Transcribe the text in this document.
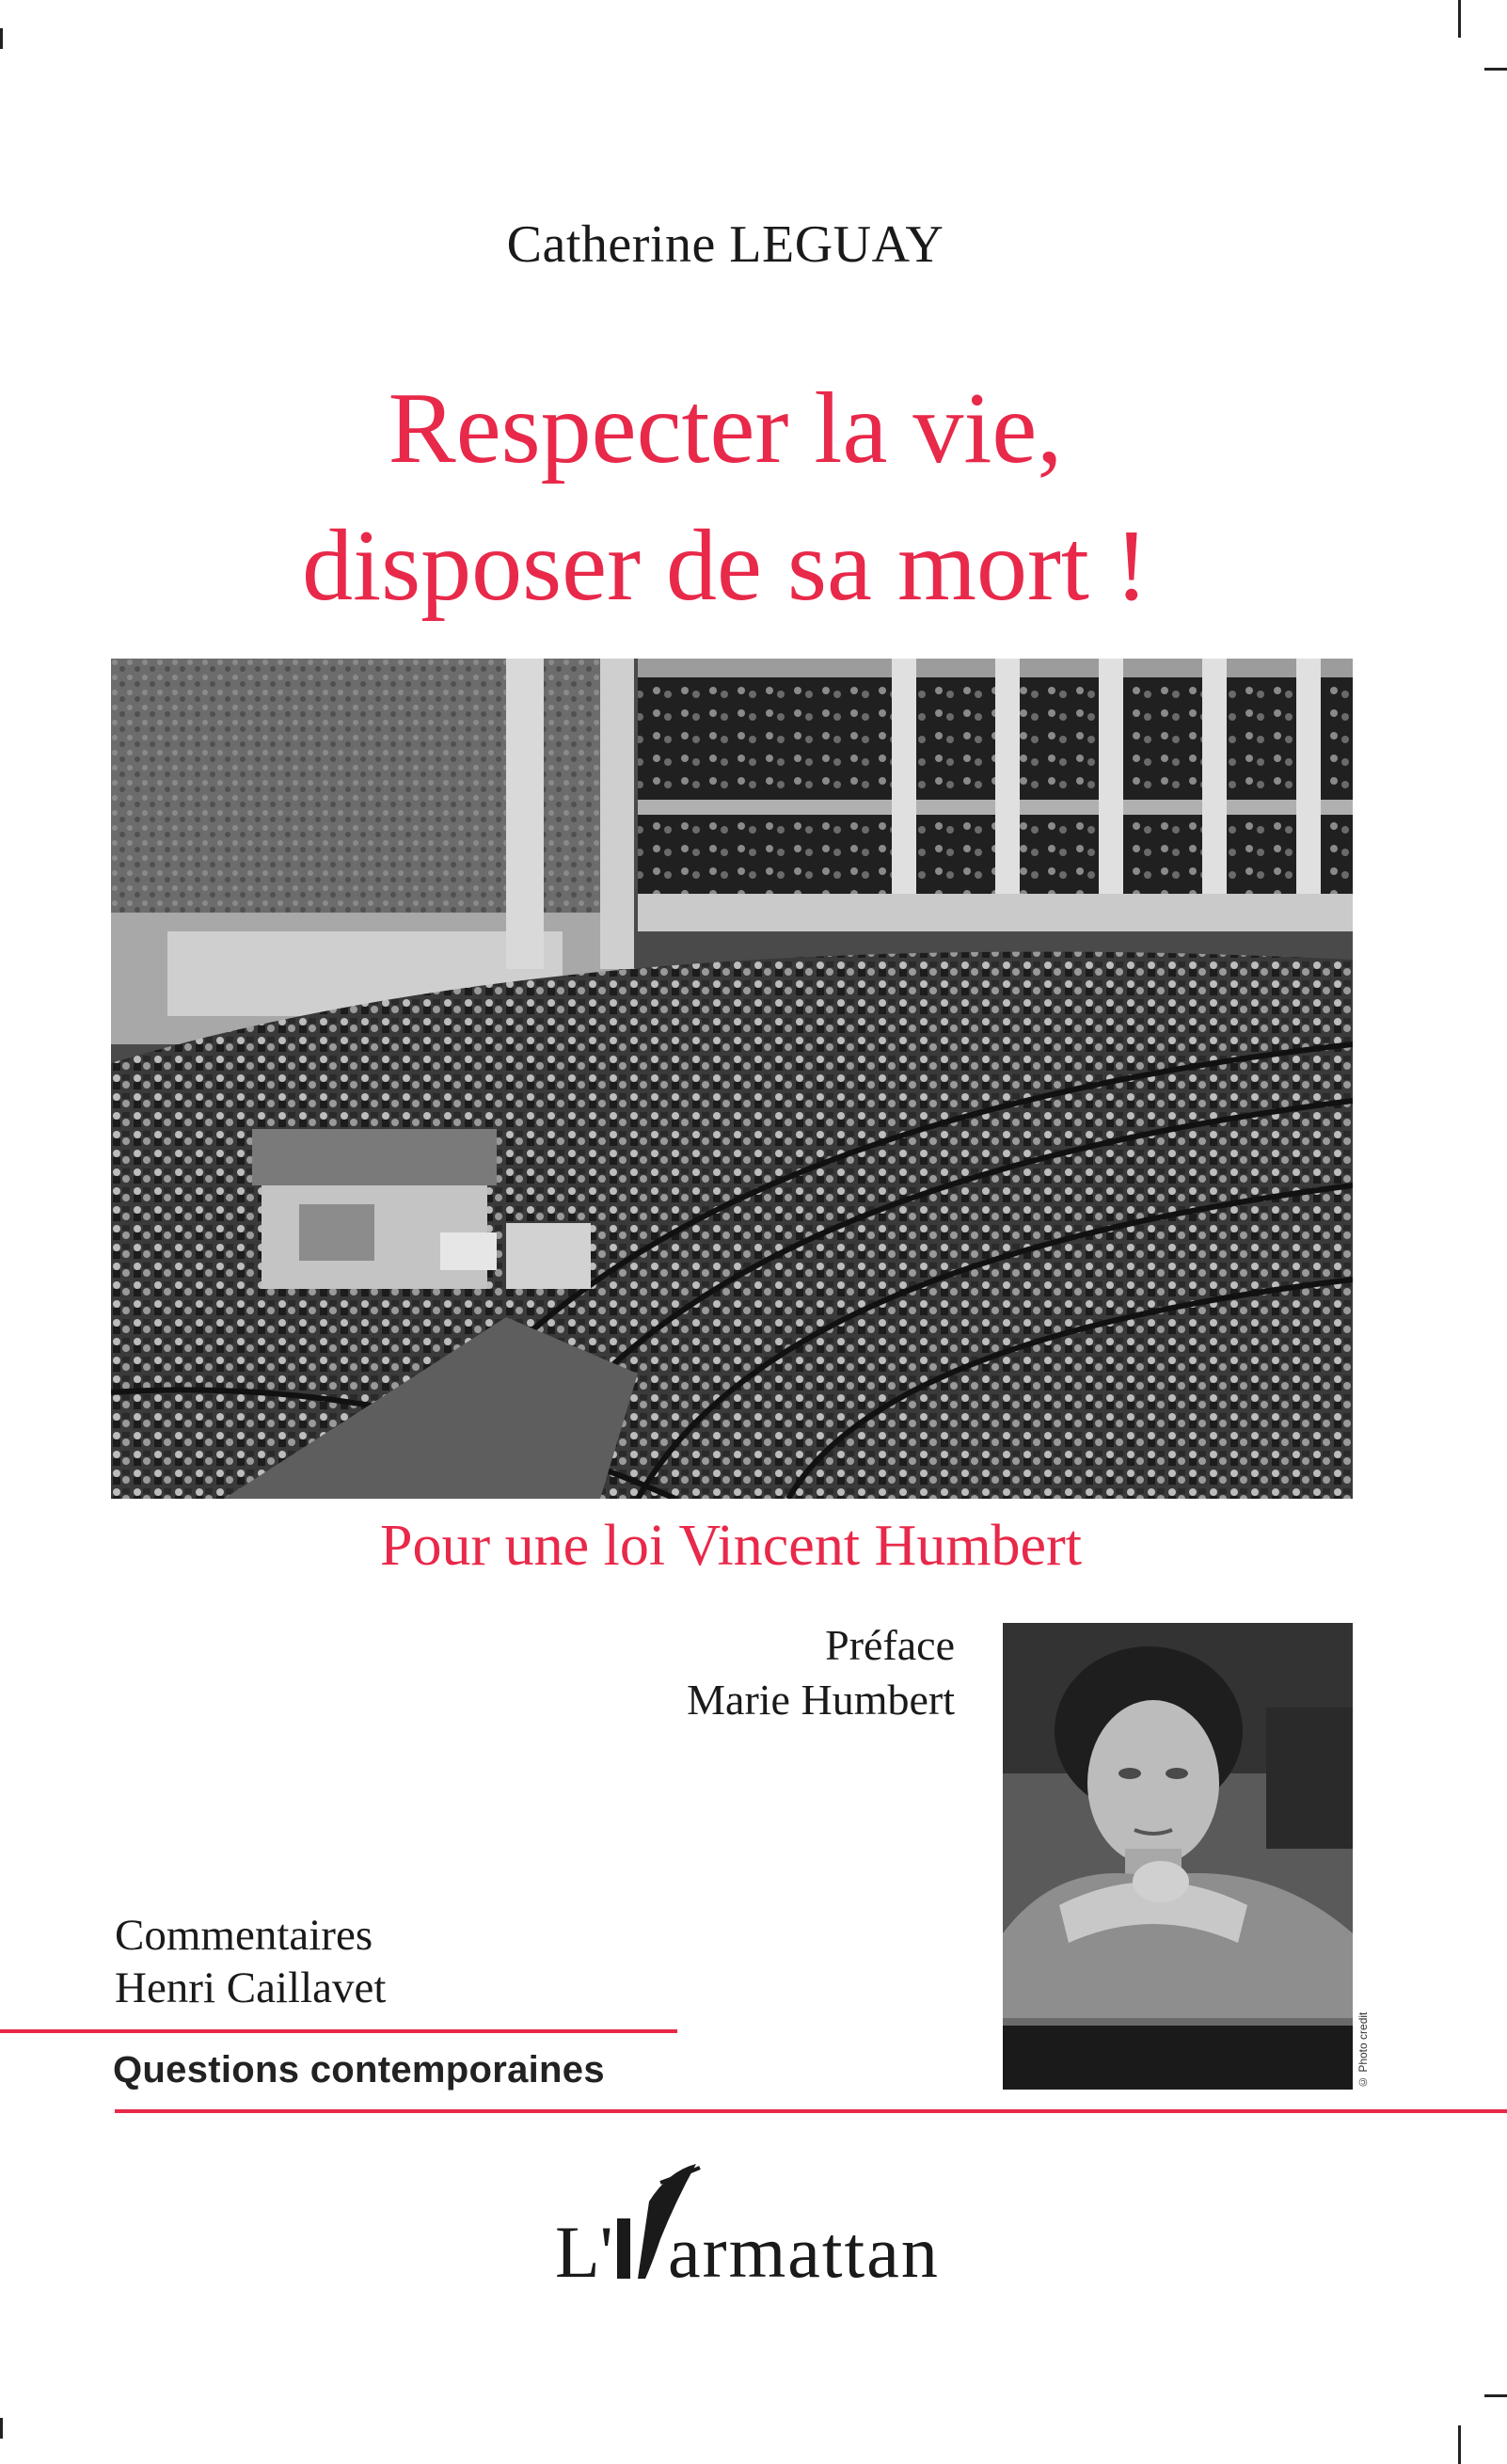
Catherine LEGUAY
Respecter la vie,
disposer de sa mort !
Pour une loi Vincent Humbert
Préface
Marie Humbert
© Photo credit
Commentaires
Henri Caillavet
Questions contemporaines
L' armattan
